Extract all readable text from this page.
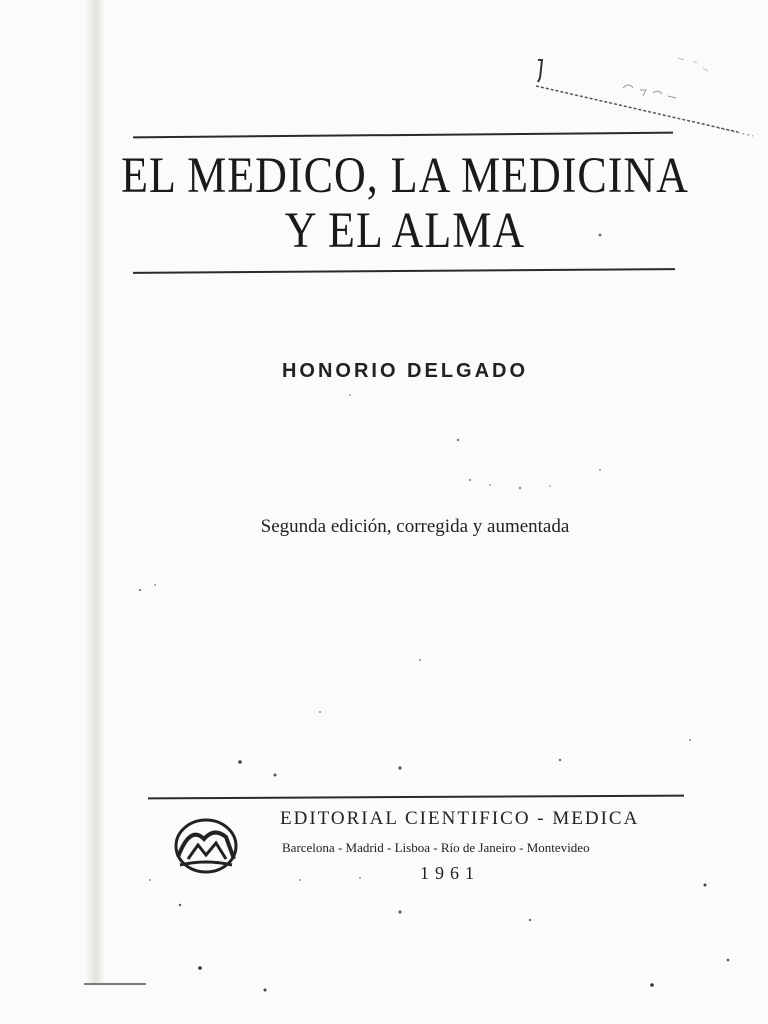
EL MEDICO, LA MEDICINA
Y EL ALMA
HONORIO DELGADO
Segunda edición, corregida y aumentada
EDITORIAL CIENTIFICO - MEDICA
Barcelona - Madrid - Lisboa - Río de Janeiro - Montevideo
1961
